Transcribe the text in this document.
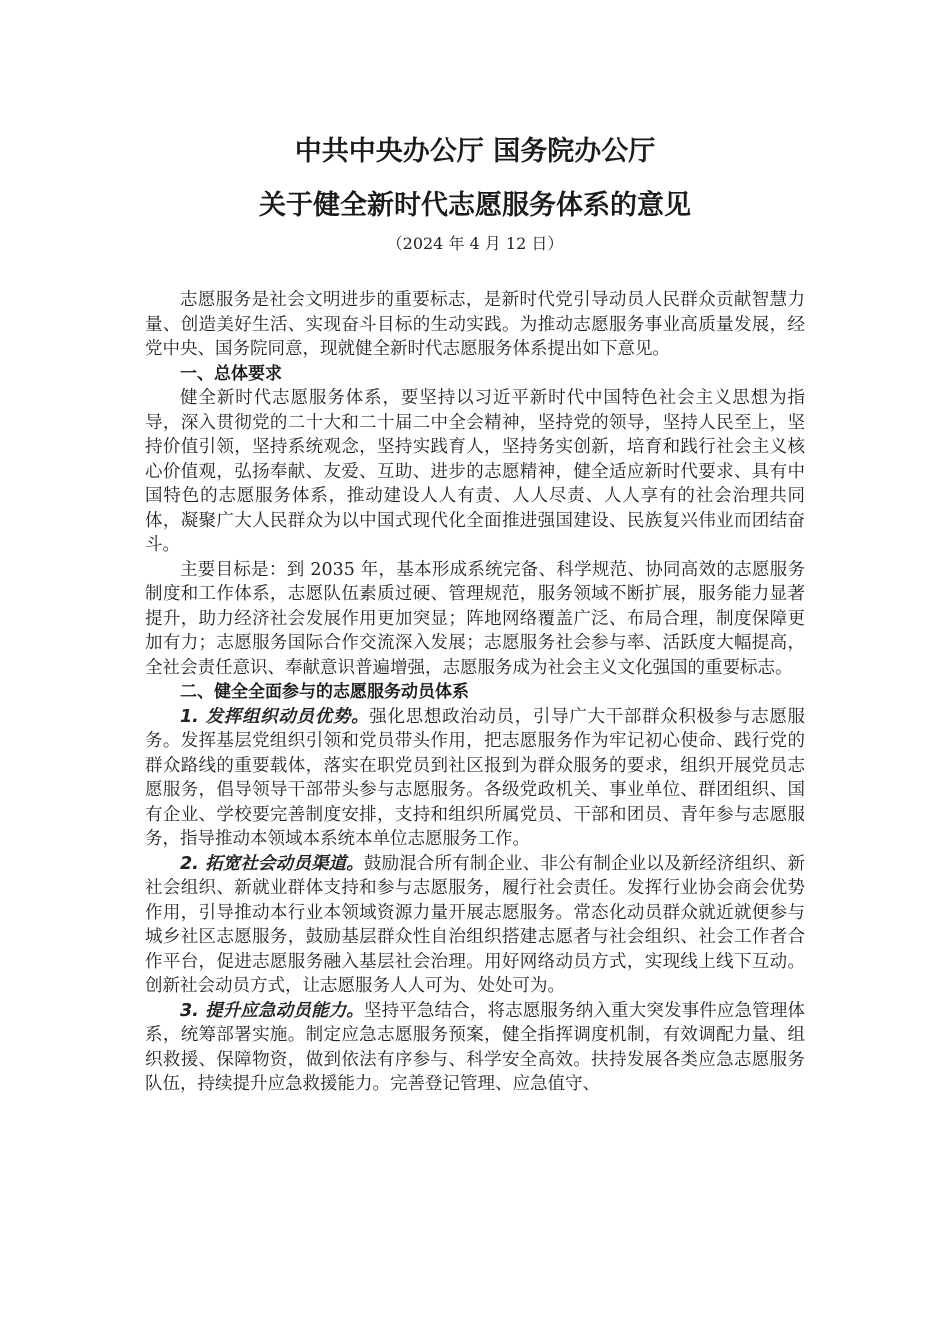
中共中央办公厅 国务院办公厅
关于健全新时代志愿服务体系的意见
（2024 年 4 月 12 日）

志愿服务是社会文明进步的重要标志，是新时代党引导动员人民群众贡献智慧力量、创造美好生活、实现奋斗目标的生动实践。为推动志愿服务事业高质量发展，经党中央、国务院同意，现就健全新时代志愿服务体系提出如下意见。

一、总体要求

健全新时代志愿服务体系，要坚持以习近平新时代中国特色社会主义思想为指导，深入贯彻党的二十大和二十届二中全会精神，坚持党的领导，坚持人民至上，坚持价值引领，坚持系统观念，坚持实践育人，坚持务实创新，培育和践行社会主义核心价值观，弘扬奉献、友爱、互助、进步的志愿精神，健全适应新时代要求、具有中国特色的志愿服务体系，推动建设人人有责、人人尽责、人人享有的社会治理共同体，凝聚广大人民群众为以中国式现代化全面推进强国建设、民族复兴伟业而团结奋斗。

主要目标是：到 2035 年，基本形成系统完备、科学规范、协同高效的志愿服务制度和工作体系，志愿队伍素质过硬、管理规范，服务领域不断扩展，服务能力显著提升，助力经济社会发展作用更加突显；阵地网络覆盖广泛、布局合理，制度保障更加有力；志愿服务国际合作交流深入发展；志愿服务社会参与率、活跃度大幅提高，全社会责任意识、奉献意识普遍增强，志愿服务成为社会主义文化强国的重要标志。

二、健全全面参与的志愿服务动员体系

1. 发挥组织动员优势。强化思想政治动员，引导广大干部群众积极参与志愿服务。发挥基层党组织引领和党员带头作用，把志愿服务作为牢记初心使命、践行党的群众路线的重要载体，落实在职党员到社区报到为群众服务的要求，组织开展党员志愿服务，倡导领导干部带头参与志愿服务。各级党政机关、事业单位、群团组织、国有企业、学校要完善制度安排，支持和组织所属党员、干部和团员、青年参与志愿服务，指导推动本领域本系统本单位志愿服务工作。

2. 拓宽社会动员渠道。鼓励混合所有制企业、非公有制企业以及新经济组织、新社会组织、新就业群体支持和参与志愿服务，履行社会责任。发挥行业协会商会优势作用，引导推动本行业本领域资源力量开展志愿服务。常态化动员群众就近就便参与城乡社区志愿服务，鼓励基层群众性自治组织搭建志愿者与社会组织、社会工作者合作平台，促进志愿服务融入基层社会治理。用好网络动员方式，实现线上线下互动。创新社会动员方式，让志愿服务人人可为、处处可为。

3. 提升应急动员能力。坚持平急结合，将志愿服务纳入重大突发事件应急管理体系，统筹部署实施。制定应急志愿服务预案，健全指挥调度机制，有效调配力量、组织救援、保障物资，做到依法有序参与、科学安全高效。扶持发展各类应急志愿服务队伍，持续提升应急救援能力。完善登记管理、应急值守、
